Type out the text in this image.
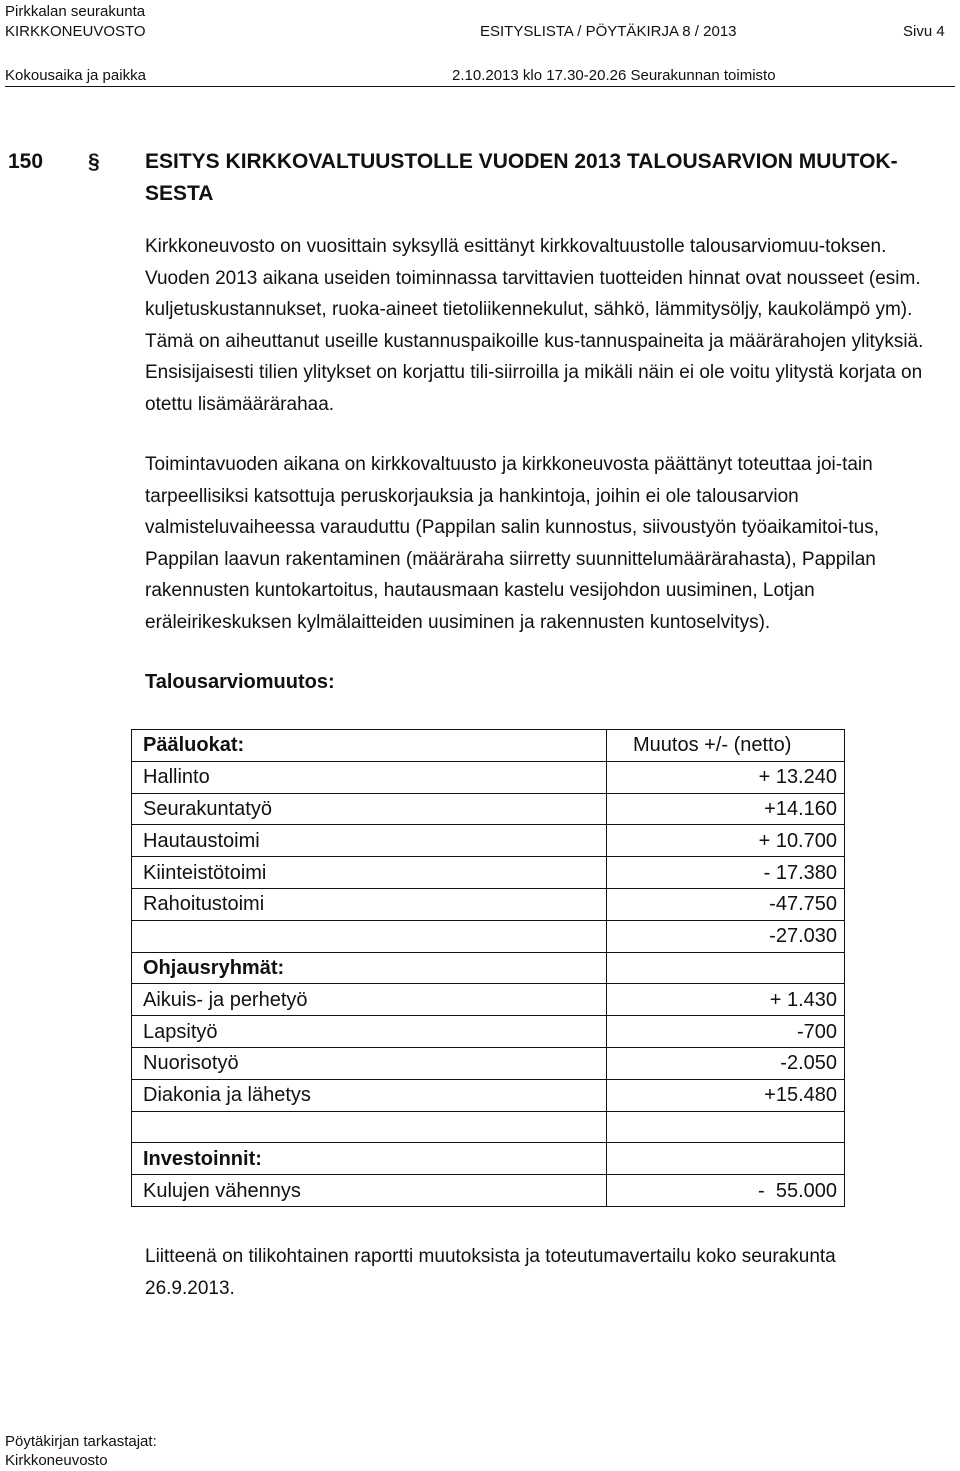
Pirkkalan seurakunta
KIRKKONEUVOSTO	ESITYSLISTA / PÖYTÄKIRJA 8 / 2013	Sivu 4
Kokousaika ja paikka	2.10.2013 klo 17.30-20.26 Seurakunnan toimisto
150 § ESITYS KIRKKOVALTUUSTOLLE VUODEN 2013 TALOUSARVION MUUTOK-SESTA
Kirkkoneuvosto on vuosittain syksyllä esittänyt kirkkovaltuustolle talousarviomuu-toksen. Vuoden 2013 aikana useiden toiminnassa tarvittavien tuotteiden hinnat ovat nousseet (esim. kuljetuskustannukset, ruoka-aineet tietoliikennekulut, sähkö, lämmitysöljy, kaukolämpö ym). Tämä on aiheuttanut useille kustannuspaikoille kus-tannuspaineita ja määrärahojen ylityksiä. Ensisijaisesti tilien ylitykset on korjattu tili-siirroilla ja mikäli näin ei ole voitu ylitystä korjata on otettu lisämäärärahaa.
Toimintavuoden aikana on kirkkovaltuusto ja kirkkoneuvosta päättänyt toteuttaa joi-tain tarpeellisiksi katsottuja peruskorjauksia ja hankintoja, joihin ei ole talousarvion valmisteluvaiheessa varauduttu (Pappilan salin kunnostus, siivoustyön työaikamitoi-tus, Pappilan laavun rakentaminen (määräraha siirretty suunnittelumäärärahasta), Pappilan rakennusten kuntokartoitus, hautausmaan kastelu vesijohdon uusiminen, Lotjan eräleirikeskuksen kylmälaitteiden uusiminen ja rakennusten kuntoselvitys).
Talousarviomuutos:
Pääluokat:	Muutos +/- (netto)
Hallinto	+ 13.240
Seurakuntatyö	+14.160
Hautaustoimi	+ 10.700
Kiinteistötoimi	- 17.380
Rahoitustoimi	-47.750
	-27.030
Ohjausryhmät:	
Aikuis- ja perhetyö	+ 1.430
Lapsityö	-700
Nuorisotyö	-2.050
Diakonia ja lähetys	+15.480

Investoinnit:	
Kulujen vähennys	-  55.000
Liitteenä on tilikohtainen raportti muutoksista ja toteutumavertailu koko seurakunta
26.9.2013.
Pöytäkirjan tarkastajat:
Kirkkoneuvosto
